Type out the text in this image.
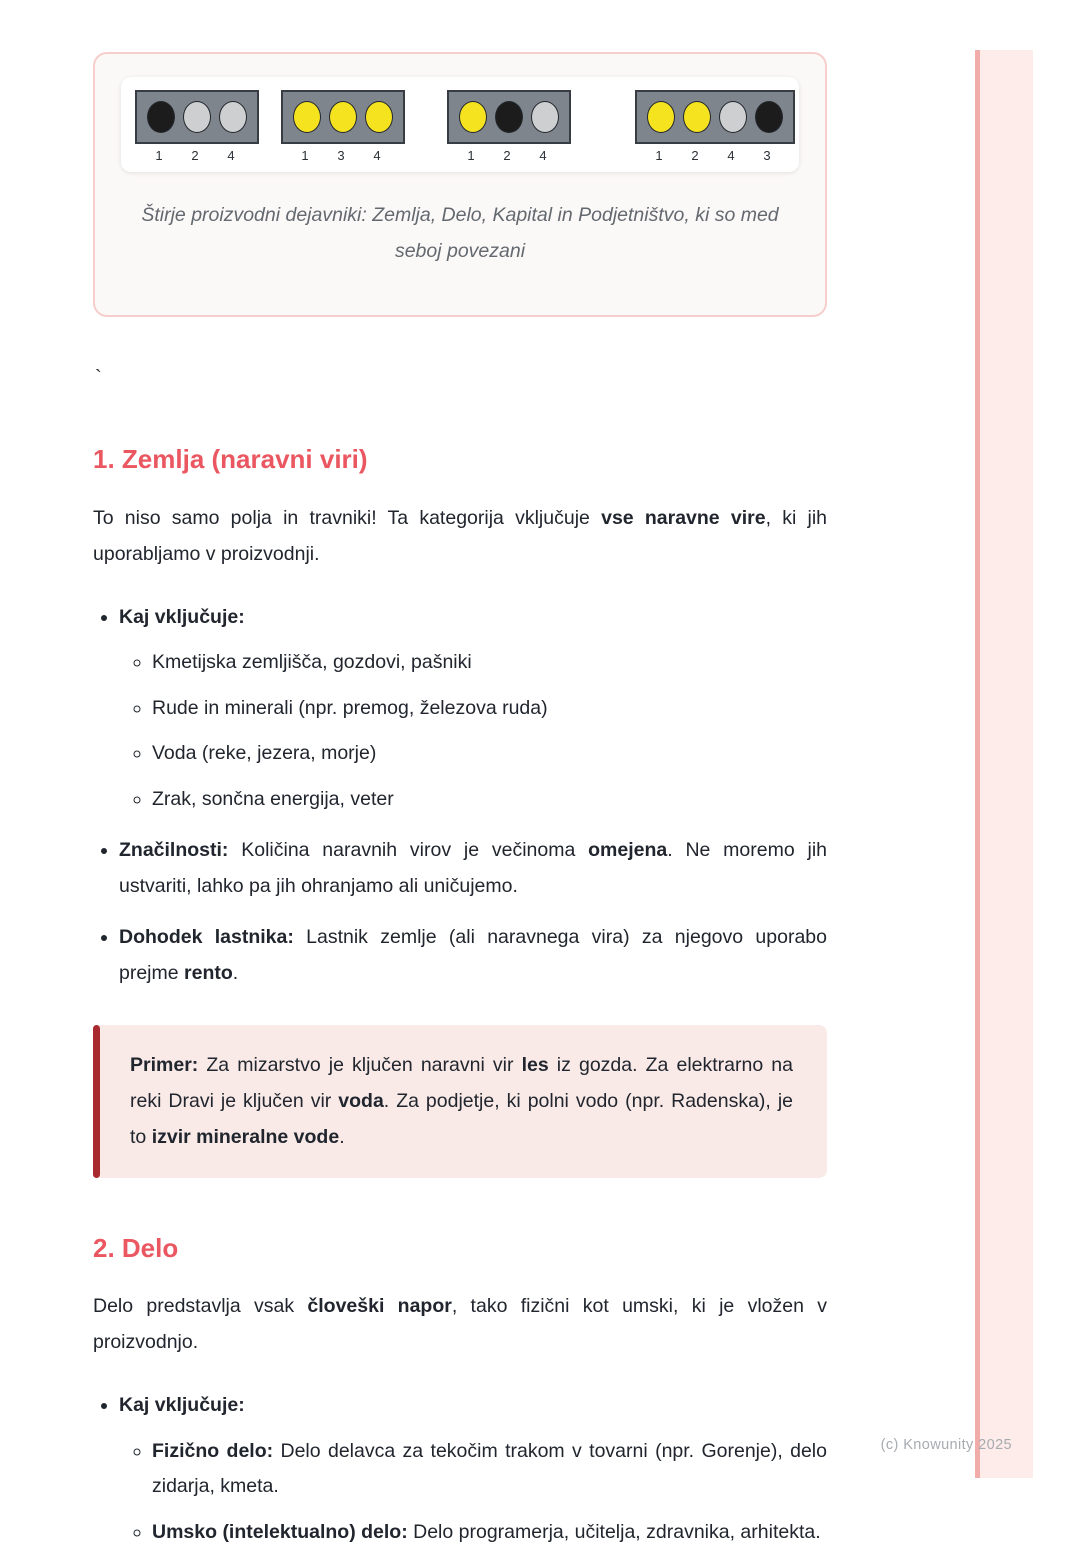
(c) Knowunity 2025
1	2	4	1	3	4	1	2	4	1	2	4	3
Štirje proizvodni dejavniki: Zemlja, Delo, Kapital in Podjetništvo, ki so med seboj povezani
`
1. Zemlja (naravni viri)

To niso samo polja in travniki! Ta kategorija vključuje vse naravne vire, ki jih uporabljamo v proizvodnji.

• Kaj vključuje:
◦ Kmetijska zemljišča, gozdovi, pašniki
◦ Rude in minerali (npr. premog, železova ruda)
◦ Voda (reke, jezera, morje)
◦ Zrak, sončna energija, veter
• Značilnosti: Količina naravnih virov je večinoma omejena. Ne moremo jih ustvariti, lahko pa jih ohranjamo ali uničujemo.
• Dohodek lastnika: Lastnik zemlje (ali naravnega vira) za njegovo uporabo prejme rento.

Primer: Za mizarstvo je ključen naravni vir les iz gozda. Za elektrarno na reki Dravi je ključen vir voda. Za podjetje, ki polni vodo (npr. Radenska), je to izvir mineralne vode.

2. Delo

Delo predstavlja vsak človeški napor, tako fizični kot umski, ki je vložen v proizvodnjo.

• Kaj vključuje:
◦ Fizično delo: Delo delavca za tekočim trakom v tovarni (npr. Gorenje), delo zidarja, kmeta.
◦ Umsko (intelektualno) delo: Delo programerja, učitelja, zdravnika, arhitekta.
